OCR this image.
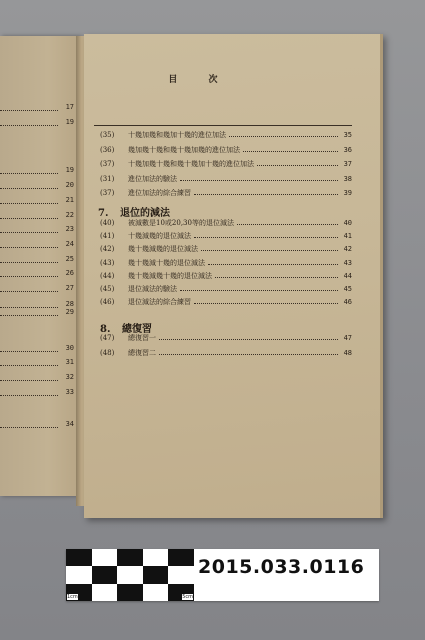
17
19
19
20
21
22
23
24
25
26
27
28
29
30
31
32
33
34
目 次
(35) 十幾加幾和幾加十幾的進位加法	35
(36) 幾加幾十幾和幾十幾加幾的進位加法	36
(37) 十幾加幾十幾和幾十幾加十幾的進位加法	37
(31) 進位加法的驗法	38
(37) 進位加法的綜合練習	39
(40) 被減數是10或20,30等的退位減法	40
(41) 十幾減幾的退位減法	41
(42) 幾十幾減幾的退位減法	42
(43) 幾十幾減十幾的退位減法	43
(44) 幾十幾減幾十幾的退位減法	44
(45) 退位減法的驗法	45
(46) 退位減法的綜合練習	46
(47) 總復習一	47
(48) 總復習二	48
7. 退位的減法
8. 總復習
1cm	5cm
2015.033.0116
